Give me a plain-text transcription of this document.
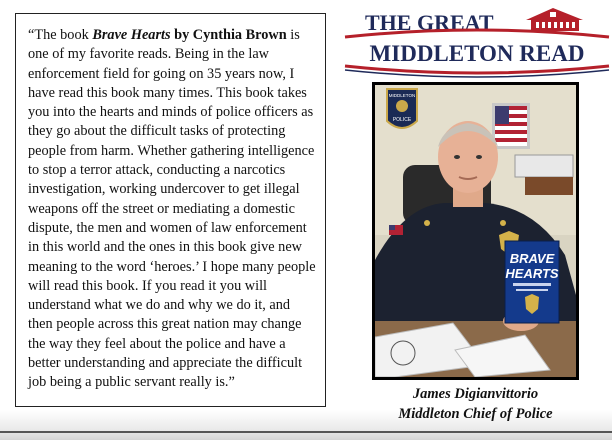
“The book Brave Hearts by Cynthia Brown is one of my favorite reads. Being in the law enforcement field for going on 35 years now, I have read this book many times. This book takes you into the hearts and minds of police officers as they go about the difficult tasks of protecting people from harm. Whether gathering intelligence to stop a terror attack, conducting a narcotics investigation, working undercover to get illegal weapons off the street or mediating a domestic dispute, the men and women of law enforcement in this world and the ones in this book give new meaning to the word ‘heroes.’ I hope many people will read this book. If you read it you will understand what we do and why we do it, and then people across this great nation may change the way they feel about the police and have a better understanding and appreciate the difficult job being a public servant really is.”
THE GREAT
MIDDLETON READ
MIDDLETON
POLICE
BRAVE
HEARTS
James Digianvittorio
Middleton Chief of Police
